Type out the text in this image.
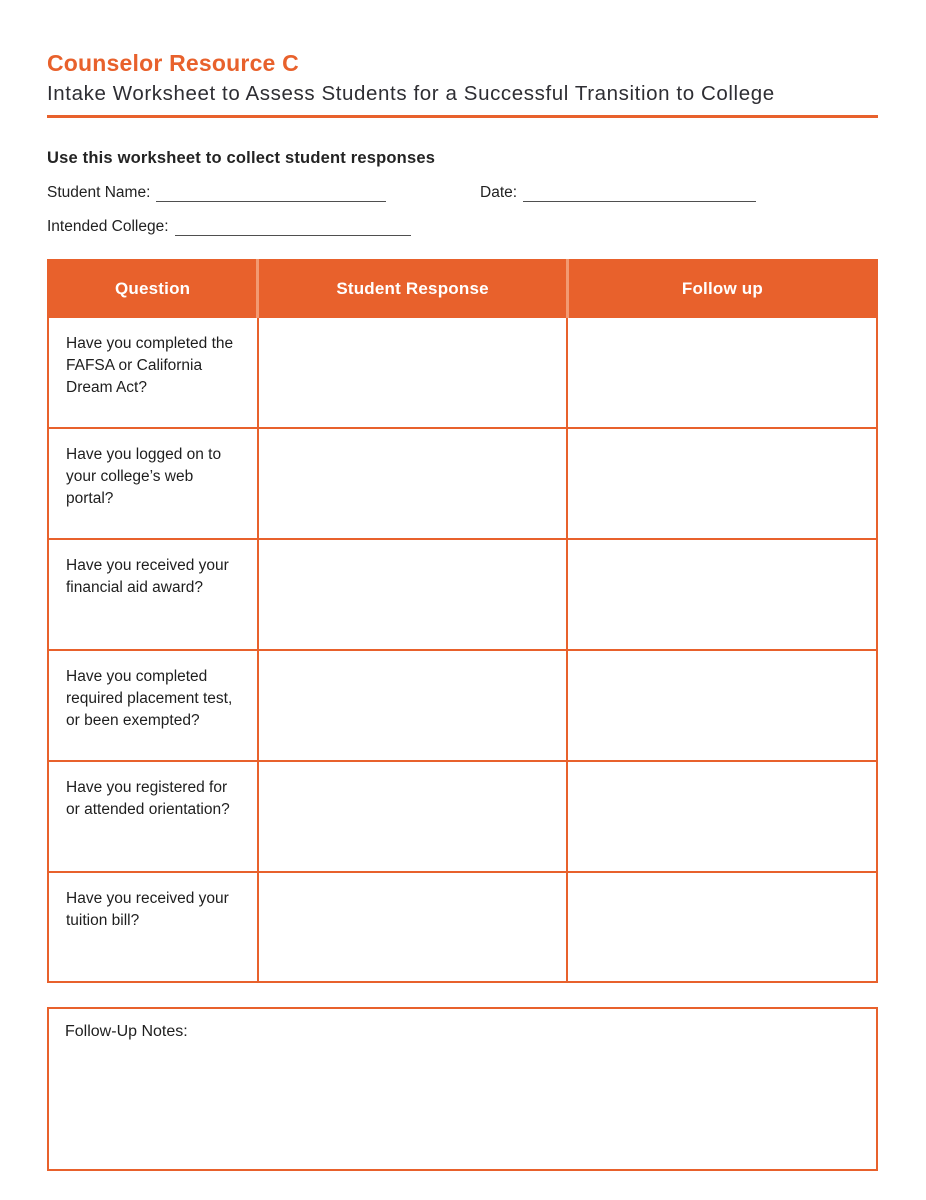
Counselor Resource C
Intake Worksheet to Assess Students for a Successful Transition to College

Use this worksheet to collect student responses

Student Name:	Date:
Intended College:
Question	Student Response	Follow up
Have you completed the FAFSA or California Dream Act?		
Have you logged on to your college’s web portal?		
Have you received your financial aid award?		
Have you completed required placement test, or been exempted?		
Have you registered for or attended orientation?		
Have you received your tuition bill?		
Follow-Up Notes:
